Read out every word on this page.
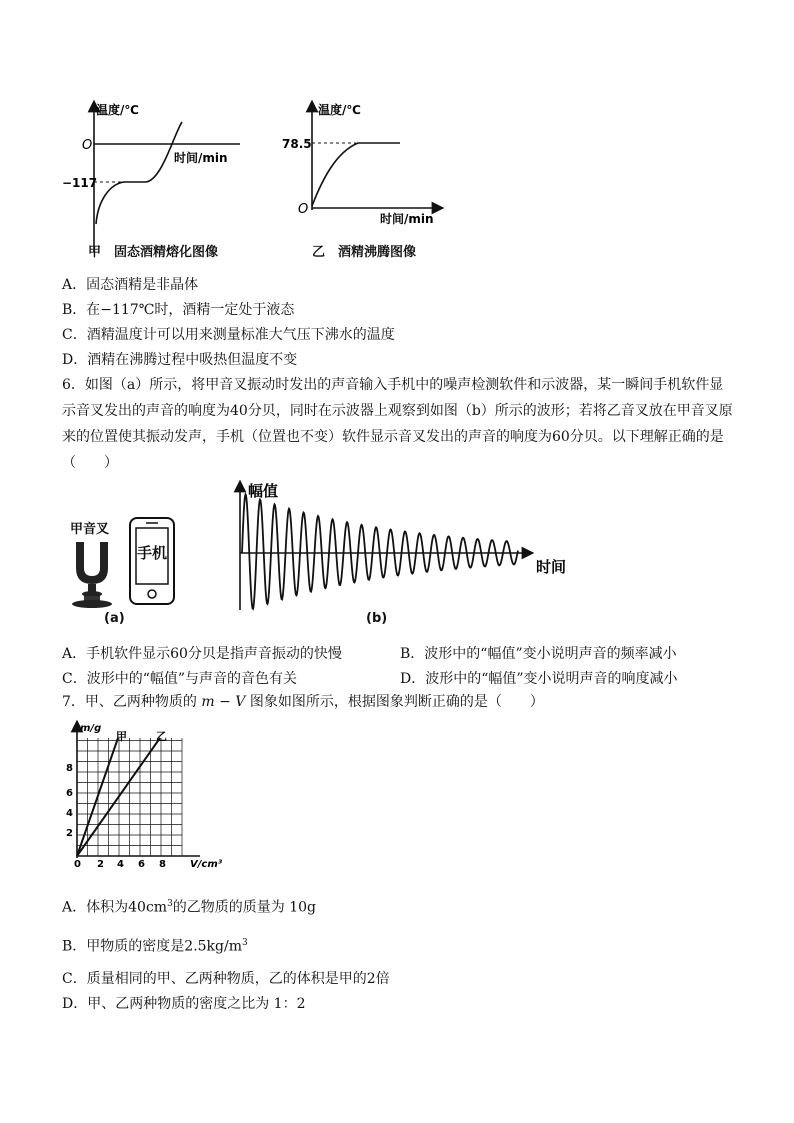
温度/℃
O
时间/min
−117
甲　固态酒精熔化图像
温度/℃
78.5
O
时间/min
乙　酒精沸腾图像
A．固态酒精是非晶体
B．在−117℃时，酒精一定处于液态
C．酒精温度计可以用来测量标准大气压下沸水的温度
D．酒精在沸腾过程中吸热但温度不变
6．如图（a）所示，将甲音叉振动时发出的声音输入手机中的噪声检测软件和示波器，某一瞬间手机软件显示音叉发出的声音的响度为40分贝，同时在示波器上观察到如图（b）所示的波形；若将乙音叉放在甲音叉原来的位置使其振动发声，手机（位置也不变）软件显示音叉发出的声音的响度为60分贝。以下理解正确的是（　　）
甲音叉
手机
(a)
幅值
时间
(b)
A．手机软件显示60分贝是指声音振动的快慢	B．波形中的“幅值”变小说明声音的频率减小
C．波形中的“幅值”与声音的音色有关	D．波形中的“幅值”变小说明声音的响度减小
7．甲、乙两种物质的 m − V 图象如图所示，根据图象判断正确的是（　　）
m/g
甲	乙
2
4
6
8
0 2 4 6 8 V/cm³
A．体积为$40cm^3$的乙物质的质量为 10g
B．甲物质的密度是$2.5kg/m^3$
C．质量相同的甲、乙两种物质，乙的体积是甲的2倍
D．甲、乙两种物质的密度之比为 1：2
